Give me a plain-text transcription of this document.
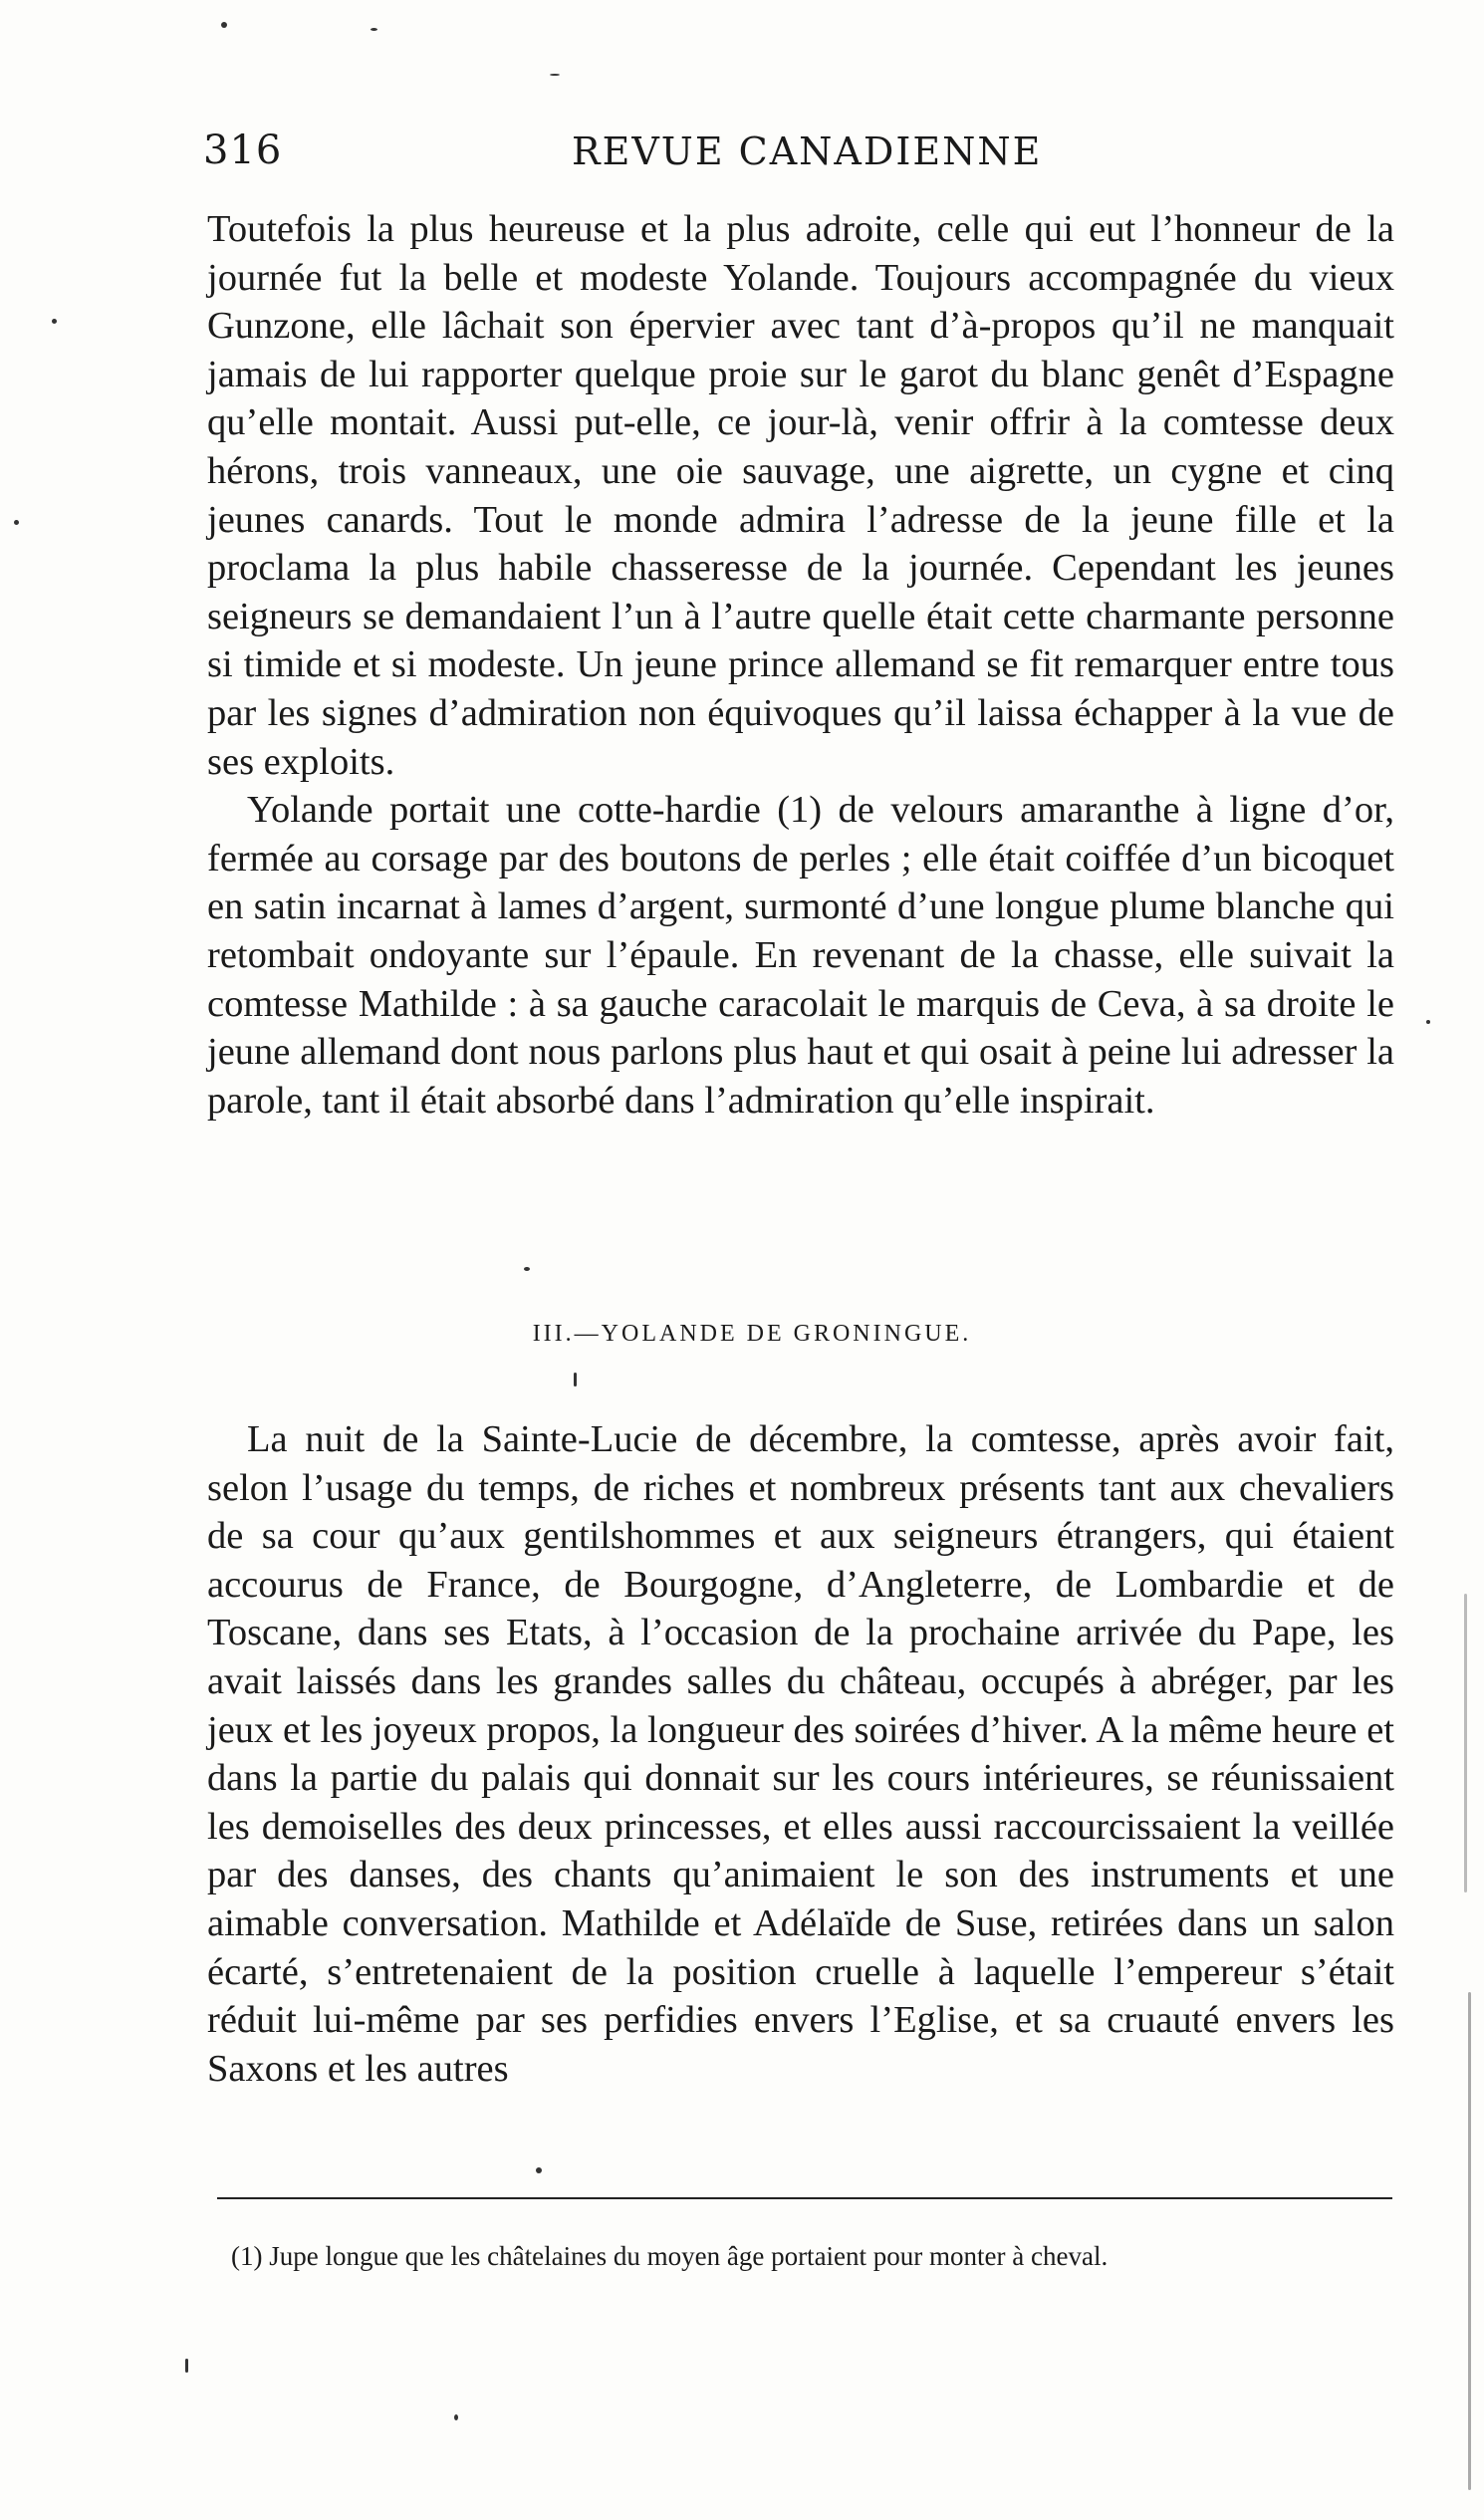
316	REVUE CANADIENNE

Toutefois la plus heureuse et la plus adroite, celle qui eut l’honneur de la journée fut la belle et modeste Yolande. Toujours accompagnée du vieux Gunzone, elle lâchait son épervier avec tant d’à-propos qu’il ne manquait jamais de lui rapporter quelque proie sur le garot du blanc genêt d’Espagne qu’elle montait. Aussi put-elle, ce jour-là, venir offrir à la comtesse deux hérons, trois vanneaux, une oie sauvage, une aigrette, un cygne et cinq jeunes canards. Tout le monde admira l’adresse de la jeune fille et la proclama la plus habile chasseresse de la journée. Cependant les jeunes seigneurs se demandaient l’un à l’autre quelle était cette charmante personne si timide et si modeste. Un jeune prince allemand se fit remarquer entre tous par les signes d’admiration non équivoques qu’il laissa échapper à la vue de ses exploits.

Yolande portait une cotte-hardie (1) de velours amaranthe à ligne d’or, fermée au corsage par des boutons de perles ; elle était coiffée d’un bicoquet en satin incarnat à lames d’argent, surmonté d’une longue plume blanche qui retombait ondoyante sur l’épaule. En revenant de la chasse, elle suivait la comtesse Mathilde : à sa gauche caracolait le marquis de Ceva, à sa droite le jeune allemand dont nous parlons plus haut et qui osait à peine lui adresser la parole, tant il était absorbé dans l’admiration qu’elle inspirait.

III.—YOLANDE DE GRONINGUE.

La nuit de la Sainte-Lucie de décembre, la comtesse, après avoir fait, selon l’usage du temps, de riches et nombreux présents tant aux chevaliers de sa cour qu’aux gentilshommes et aux seigneurs étrangers, qui étaient accourus de France, de Bourgogne, d’Angleterre, de Lombardie et de Toscane, dans ses Etats, à l’occasion de la prochaine arrivée du Pape, les avait laissés dans les grandes salles du château, occupés à abréger, par les jeux et les joyeux propos, la longueur des soirées d’hiver. A la même heure et dans la partie du palais qui donnait sur les cours intérieures, se réunissaient les demoiselles des deux princesses, et elles aussi raccourcissaient la veillée par des danses, des chants qu’animaient le son des instruments et une aimable conversation. Mathilde et Adélaïde de Suse, retirées dans un salon écarté, s’entretenaient de la position cruelle à laquelle l’empereur s’était réduit lui-même par ses perfidies envers l’Eglise, et sa cruauté envers les Saxons et les autres

(1) Jupe longue que les châtelaines du moyen âge portaient pour monter à cheval.
